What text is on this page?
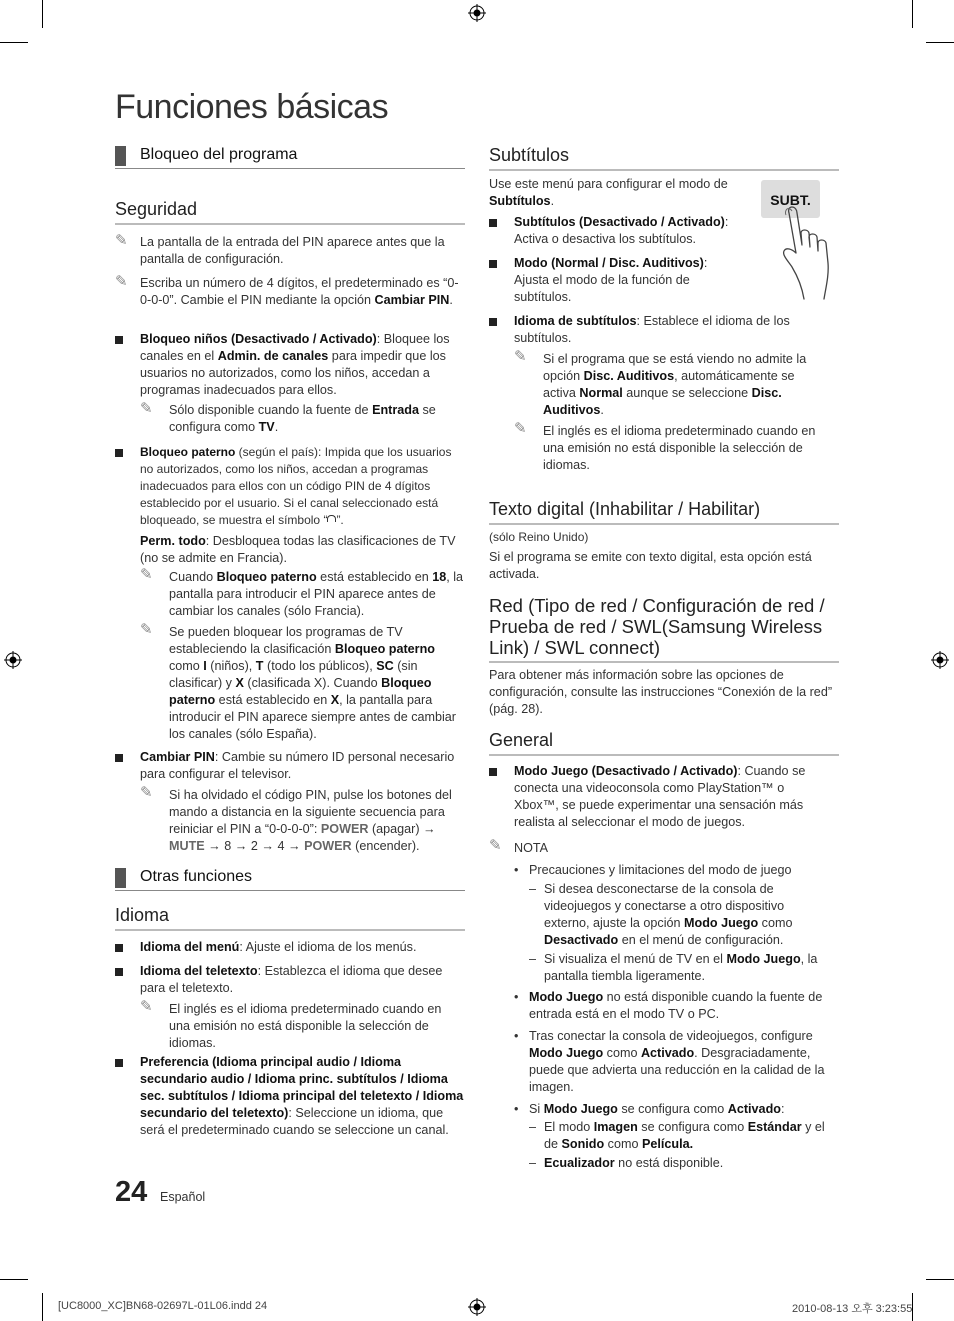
Funciones básicas
Bloqueo del programa
Seguridad
✎ La pantalla de la entrada del PIN aparece antes que la pantalla de configuración.
✎ Escriba un número de 4 dígitos, el predeterminado es “0-0-0-0”. Cambie el PIN mediante la opción Cambiar PIN.
Bloqueo niños (Desactivado / Activado): Bloquee los canales en el Admin. de canales para impedir que los usuarios no autorizados, como los niños, accedan a programas inadecuados para ellos.
✎ Sólo disponible cuando la fuente de Entrada se configura como TV.
Bloqueo paterno (según el país): Impida que los usuarios no autorizados, como los niños, accedan a programas inadecuados para ellos con un código PIN de 4 dígitos establecido por el usuario. Si el canal seleccionado está bloqueado, se muestra el símbolo “ ”.
Perm. todo: Desbloquea todas las clasificaciones de TV (no se admite en Francia).
✎ Cuando Bloqueo paterno está establecido en 18, la pantalla para introducir el PIN aparece antes de cambiar los canales (sólo Francia).
✎ Se pueden bloquear los programas de TV estableciendo la clasificación Bloqueo paterno como I (niños), T (todo los públicos), SC (sin clasificar) y X (clasificada X). Cuando Bloqueo paterno está establecido en X, la pantalla para introducir el PIN aparece siempre antes de cambiar los canales (sólo España).
Cambiar PIN: Cambie su número ID personal necesario para configurar el televisor.
✎ Si ha olvidado el código PIN, pulse los botones del mando a distancia en la siguiente secuencia para reiniciar el PIN a “0-0-0-0”: POWER (apagar) → MUTE → 8 → 2 → 4 → POWER (encender).
Otras funciones
Idioma
Idioma del menú: Ajuste el idioma de los menús.
Idioma del teletexto: Establezca el idioma que desee para el teletexto.
✎ El inglés es el idioma predeterminado cuando en una emisión no está disponible la selección de idiomas.
Preferencia (Idioma principal audio / Idioma secundario audio / Idioma princ. subtítulos / Idioma sec. subtítulos / Idioma principal del teletexto / Idioma secundario del teletexto): Seleccione un idioma, que será el predeterminado cuando se seleccione un canal.
24 Español
Subtítulos
Use este menú para configurar el modo de Subtítulos.
Subtítulos (Desactivado / Activado): Activa o desactiva los subtítulos.
Modo (Normal / Disc. Auditivos): Ajusta el modo de la función de subtítulos.
Idioma de subtítulos: Establece el idioma de los subtítulos.
✎ Si el programa que se está viendo no admite la opción Disc. Auditivos, automáticamente se activa Normal aunque se seleccione Disc. Auditivos.
✎ El inglés es el idioma predeterminado cuando en una emisión no está disponible la selección de idiomas.
Texto digital (Inhabilitar / Habilitar)
(sólo Reino Unido)
Si el programa se emite con texto digital, esta opción está activada.
Red (Tipo de red / Configuración de red / Prueba de red / SWL(Samsung Wireless Link) / SWL connect)
Para obtener más información sobre las opciones de configuración, consulte las instrucciones “Conexión de la red” (pág. 28).
General
Modo Juego (Desactivado / Activado): Cuando se conecta una videoconsola como PlayStation™ o Xbox™, se puede experimentar una sensación más realista al seleccionar el modo de juegos.
✎ NOTA
• Precauciones y limitaciones del modo de juego
– Si desea desconectarse de la consola de videojuegos y conectarse a otro dispositivo externo, ajuste la opción Modo Juego como Desactivado en el menú de configuración.
– Si visualiza el menú de TV en el Modo Juego, la pantalla tiembla ligeramente.
• Modo Juego no está disponible cuando la fuente de entrada está en el modo TV o PC.
• Tras conectar la consola de videojuegos, configure Modo Juego como Activado. Desgraciadamente, puede que advierta una reducción en la calidad de la imagen.
• Si Modo Juego se configura como Activado:
– El modo Imagen se configura como Estándar y el de Sonido como Película.
– Ecualizador no está disponible.
SUBT.
[UC8000_XC]BN68-02697L-01L06.indd 24	2010-08-13 오후 3:23:55
